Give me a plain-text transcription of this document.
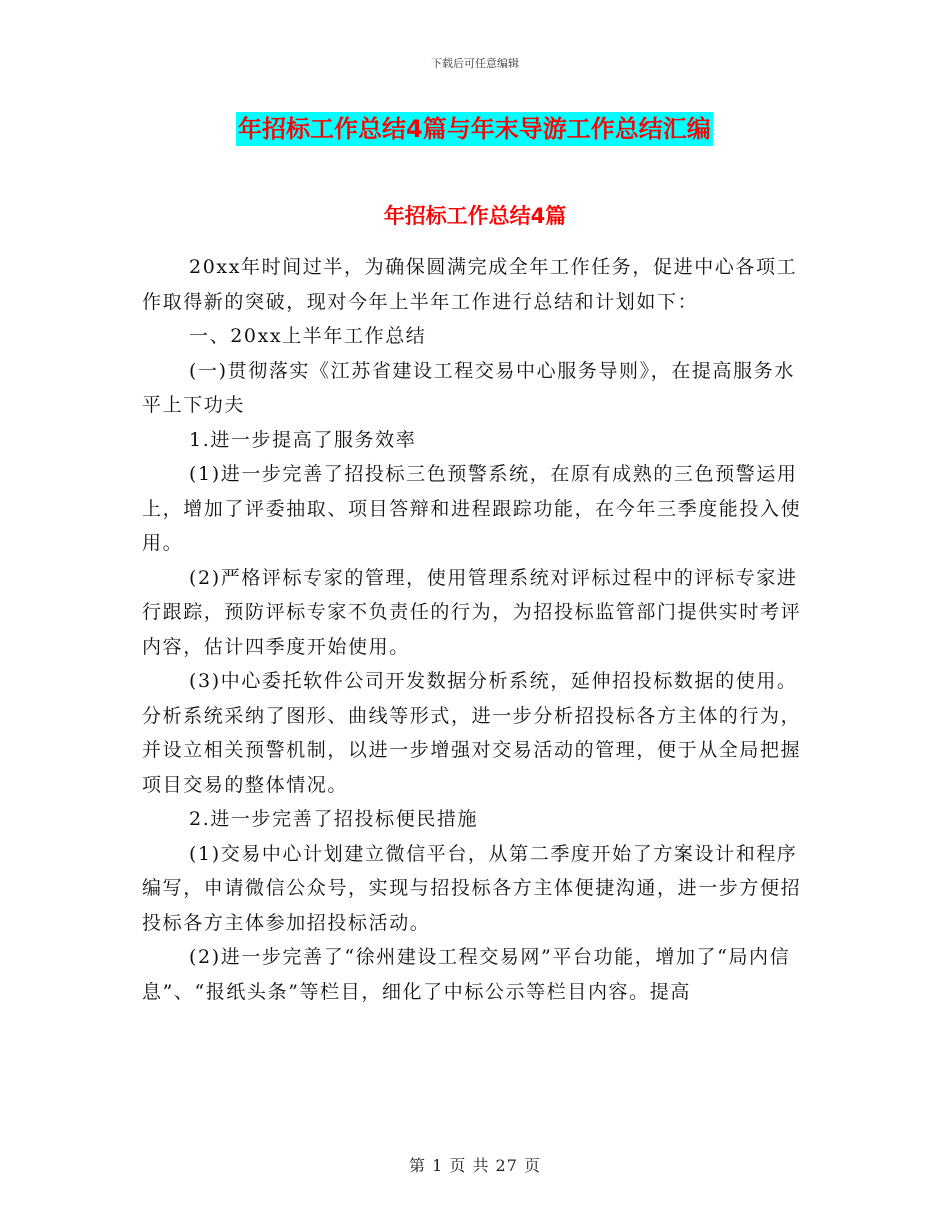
下载后可任意编辑
年招标工作总结4篇与年末导游工作总结汇编
年招标工作总结4篇

20xx年时间过半，为确保圆满完成全年工作任务，促进中心各项工作取得新的突破，现对今年上半年工作进行总结和计划如下：

一、20xx上半年工作总结

(一)贯彻落实《江苏省建设工程交易中心服务导则》，在提高服务水平上下功夫

1.进一步提高了服务效率

(1)进一步完善了招投标三色预警系统，在原有成熟的三色预警运用上，增加了评委抽取、项目答辩和进程跟踪功能，在今年三季度能投入使用。

(2)严格评标专家的管理，使用管理系统对评标过程中的评标专家进行跟踪，预防评标专家不负责任的行为，为招投标监管部门提供实时考评内容，估计四季度开始使用。

(3)中心委托软件公司开发数据分析系统，延伸招投标数据的使用。分析系统采纳了图形、曲线等形式，进一步分析招投标各方主体的行为，并设立相关预警机制，以进一步增强对交易活动的管理，便于从全局把握项目交易的整体情况。

2.进一步完善了招投标便民措施

(1)交易中心计划建立微信平台，从第二季度开始了方案设计和程序编写，申请微信公众号，实现与招投标各方主体便捷沟通，进一步方便招投标各方主体参加招投标活动。

(2)进一步完善了“徐州建设工程交易网”平台功能，增加了“局内信息”、“报纸头条”等栏目，细化了中标公示等栏目内容。提高

第 1 页 共 27 页
